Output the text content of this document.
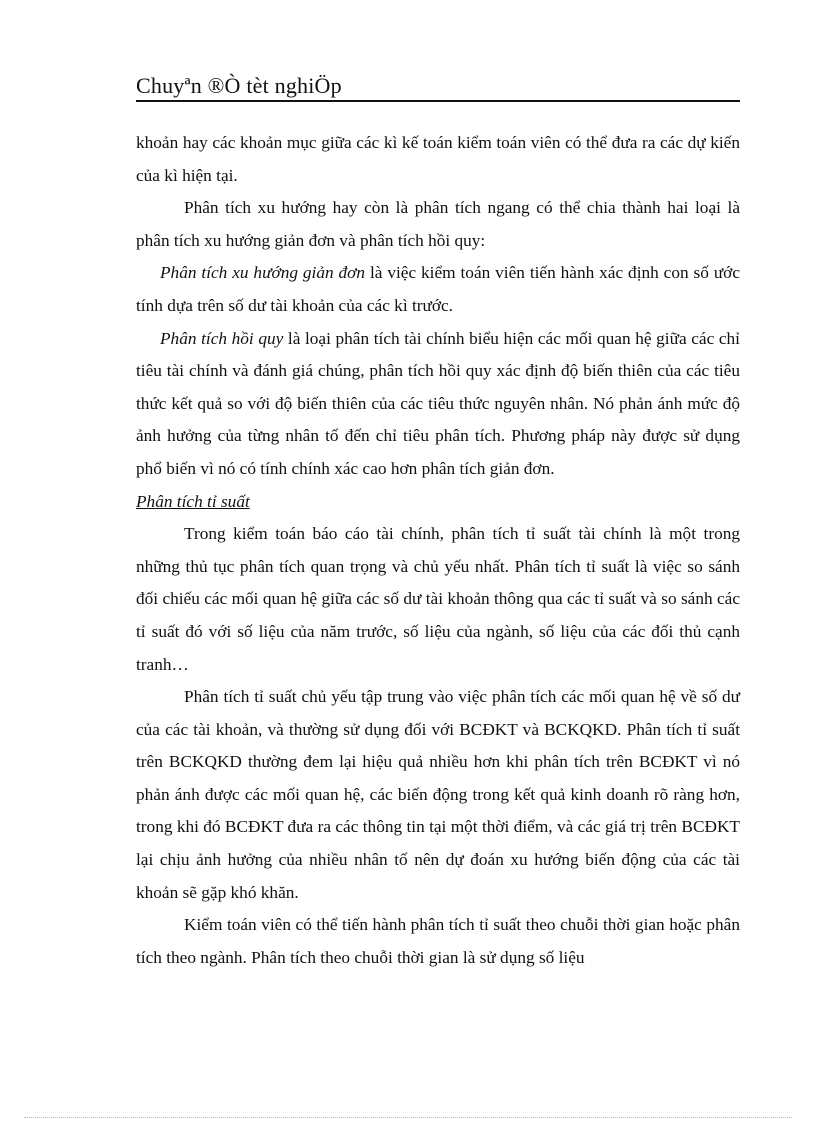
Chuyªn ®Ò tèt nghiÖp

khoản hay các khoản mục giữa các kì kế toán kiểm toán viên có thể đưa ra các dự kiến của kì hiện tại.

Phân tích xu hướng hay còn là phân tích ngang có thể chia thành hai loại là phân tích xu hướng giản đơn và phân tích hồi quy:

Phân tích xu hướng giản đơn là việc kiểm toán viên tiến hành xác định con số ước tính dựa trên số dư tài khoản của các kì trước.

Phân tích hồi quy là loại phân tích tài chính biểu hiện các mối quan hệ giữa các chỉ tiêu tài chính và đánh giá chúng, phân tích hồi quy xác định độ biến thiên của các tiêu thức kết quả so với độ biến thiên của các tiêu thức nguyên nhân. Nó phản ánh mức độ ảnh hưởng của từng nhân tố đến chỉ tiêu phân tích. Phương pháp này được sử dụng phổ biến vì nó có tính chính xác cao hơn phân tích giản đơn.

Phân tích tỉ suất

Trong kiểm toán báo cáo tài chính, phân tích tỉ suất tài chính là một trong những thủ tục phân tích quan trọng và chủ yếu nhất. Phân tích tỉ suất là việc so sánh đối chiếu các mối quan hệ giữa các số dư tài khoản thông qua các tỉ suất và so sánh các tỉ suất đó với số liệu của năm trước, số liệu của ngành, số liệu của các đối thủ cạnh tranh…

Phân tích tỉ suất chủ yếu tập trung vào việc phân tích các mối quan hệ về số dư của các tài khoản, và thường sử dụng đối với BCĐKT và BCKQKD. Phân tích tỉ suất trên BCKQKD thường đem lại hiệu quả nhiều hơn khi phân tích trên BCĐKT vì nó phản ánh được các mối quan hệ, các biến động trong kết quả kinh doanh rõ ràng hơn, trong khi đó BCĐKT đưa ra các thông tin tại một thời điểm, và các giá trị trên BCĐKT lại chịu ảnh hưởng của nhiều nhân tố nên dự đoán xu hướng biến động của các tài khoản sẽ gặp khó khăn.

Kiểm toán viên có thể tiến hành phân tích tỉ suất theo chuỗi thời gian hoặc phân tích theo ngành. Phân tích theo chuỗi thời gian là sử dụng số liệu
